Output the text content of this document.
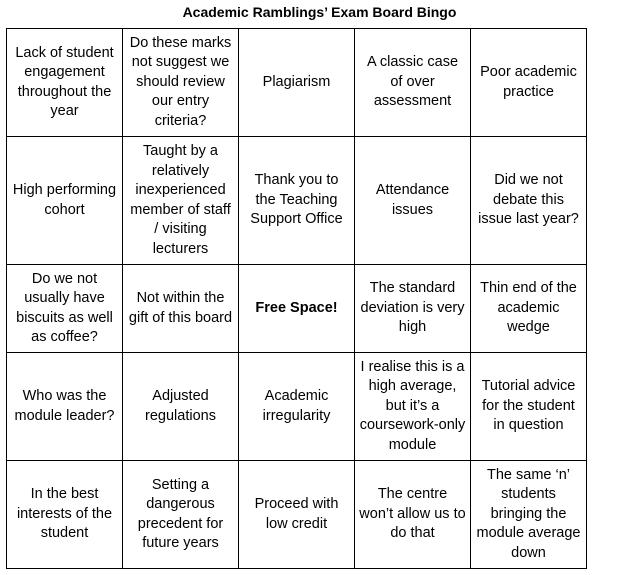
Academic Ramblings’ Exam Board Bingo
Lack of student engagement throughout the year	Do these marks not suggest we should review our entry criteria?	Plagiarism	A classic case of over assessment	Poor academic practice
High performing cohort	Taught by a relatively inexperienced member of staff / visiting lecturers	Thank you to the Teaching Support Office	Attendance issues	Did we not debate this issue last year?
Do we not usually have biscuits as well as coffee?	Not within the gift of this board	Free Space!	The standard deviation is very high	Thin end of the academic wedge
Who was the module leader?	Adjusted regulations	Academic irregularity	I realise this is a high average, but it’s a coursework-only module	Tutorial advice for the student in question
In the best interests of the student	Setting a dangerous precedent for future years	Proceed with low credit	The centre won’t allow us to do that	The same ‘n’ students bringing the module average down
